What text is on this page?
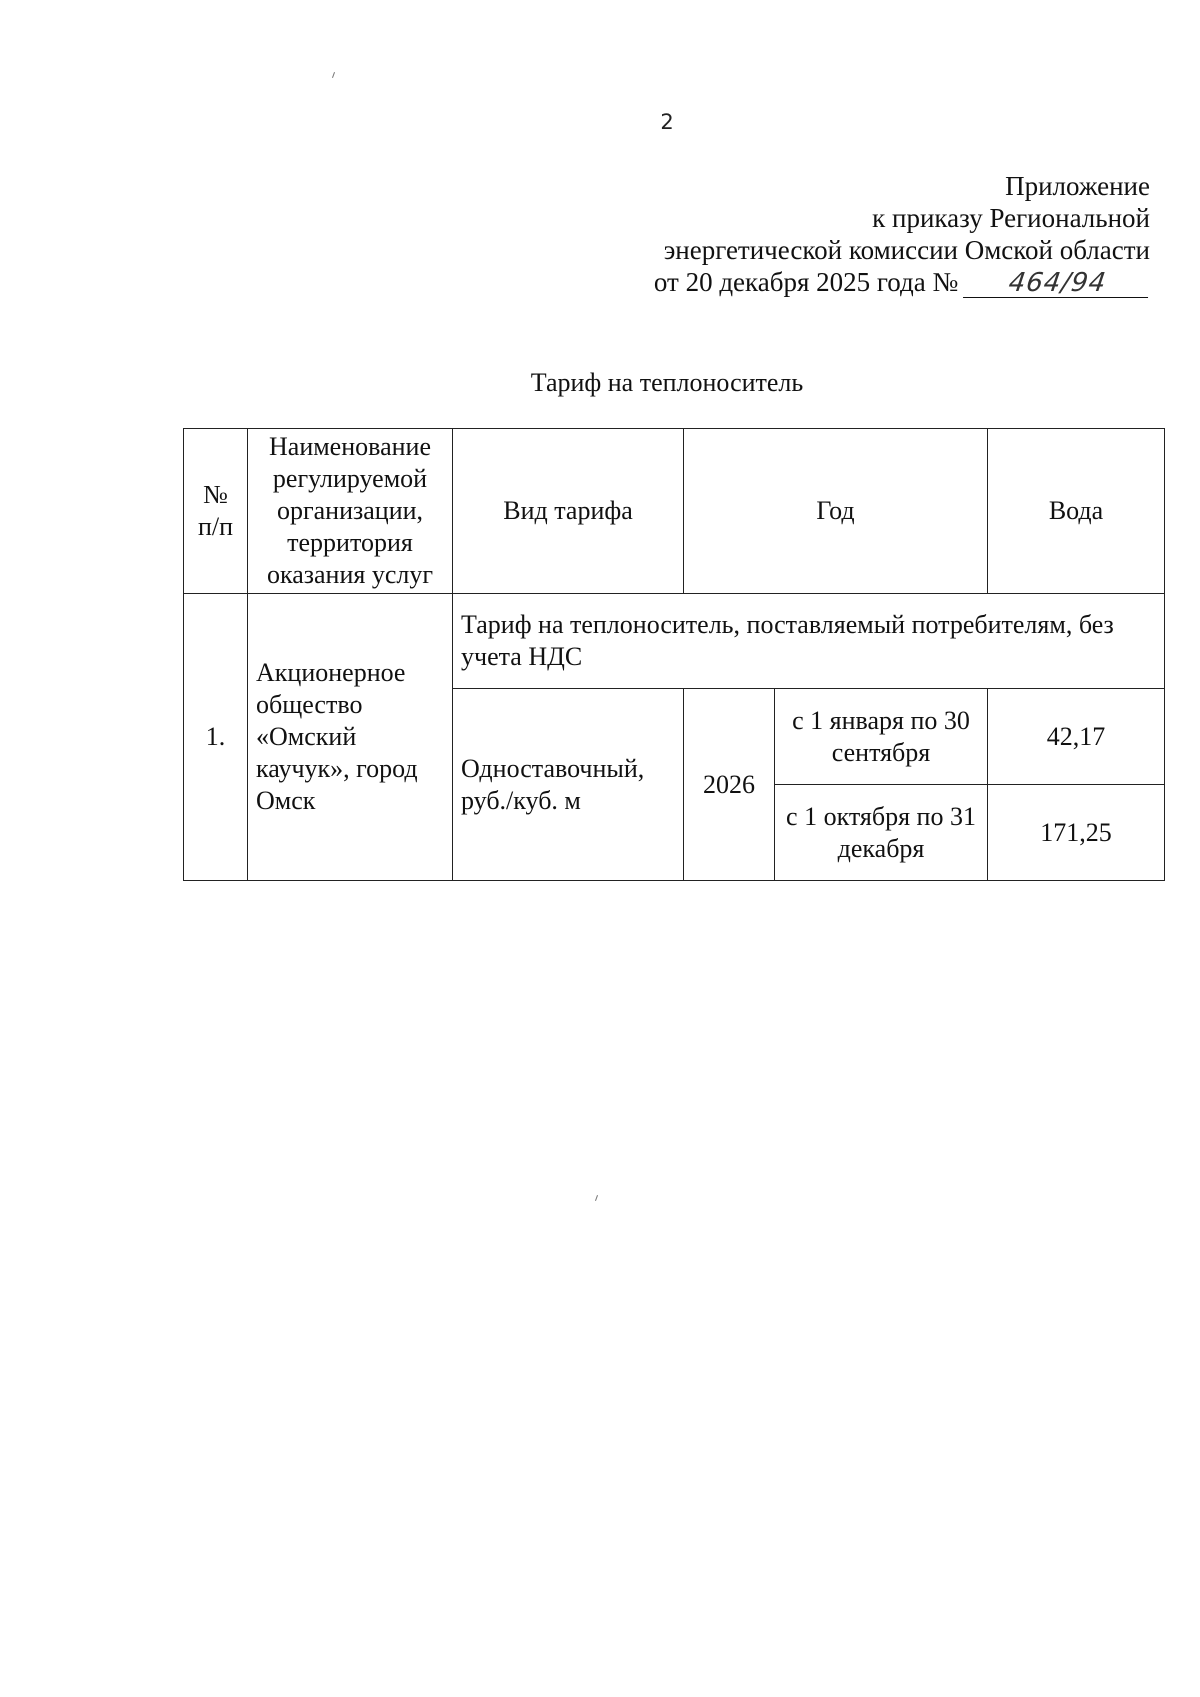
2
Приложение
к приказу Региональной
энергетической комиссии Омской области
от 20 декабря 2025 года № 464/94
Тариф на теплоноситель
№ п/п	Наименование регулируемой организации, территория оказания услуг	Вид тарифа	Год		Вода
1.	Акционерное общество «Омский каучук», город Омск	Тариф на теплоноситель, поставляемый потребителям, без учета НДС			
		Одноставочный, руб./куб. м	2026	с 1 января по 30 сентября	42,17
				с 1 октября по 31 декабря	171,25
